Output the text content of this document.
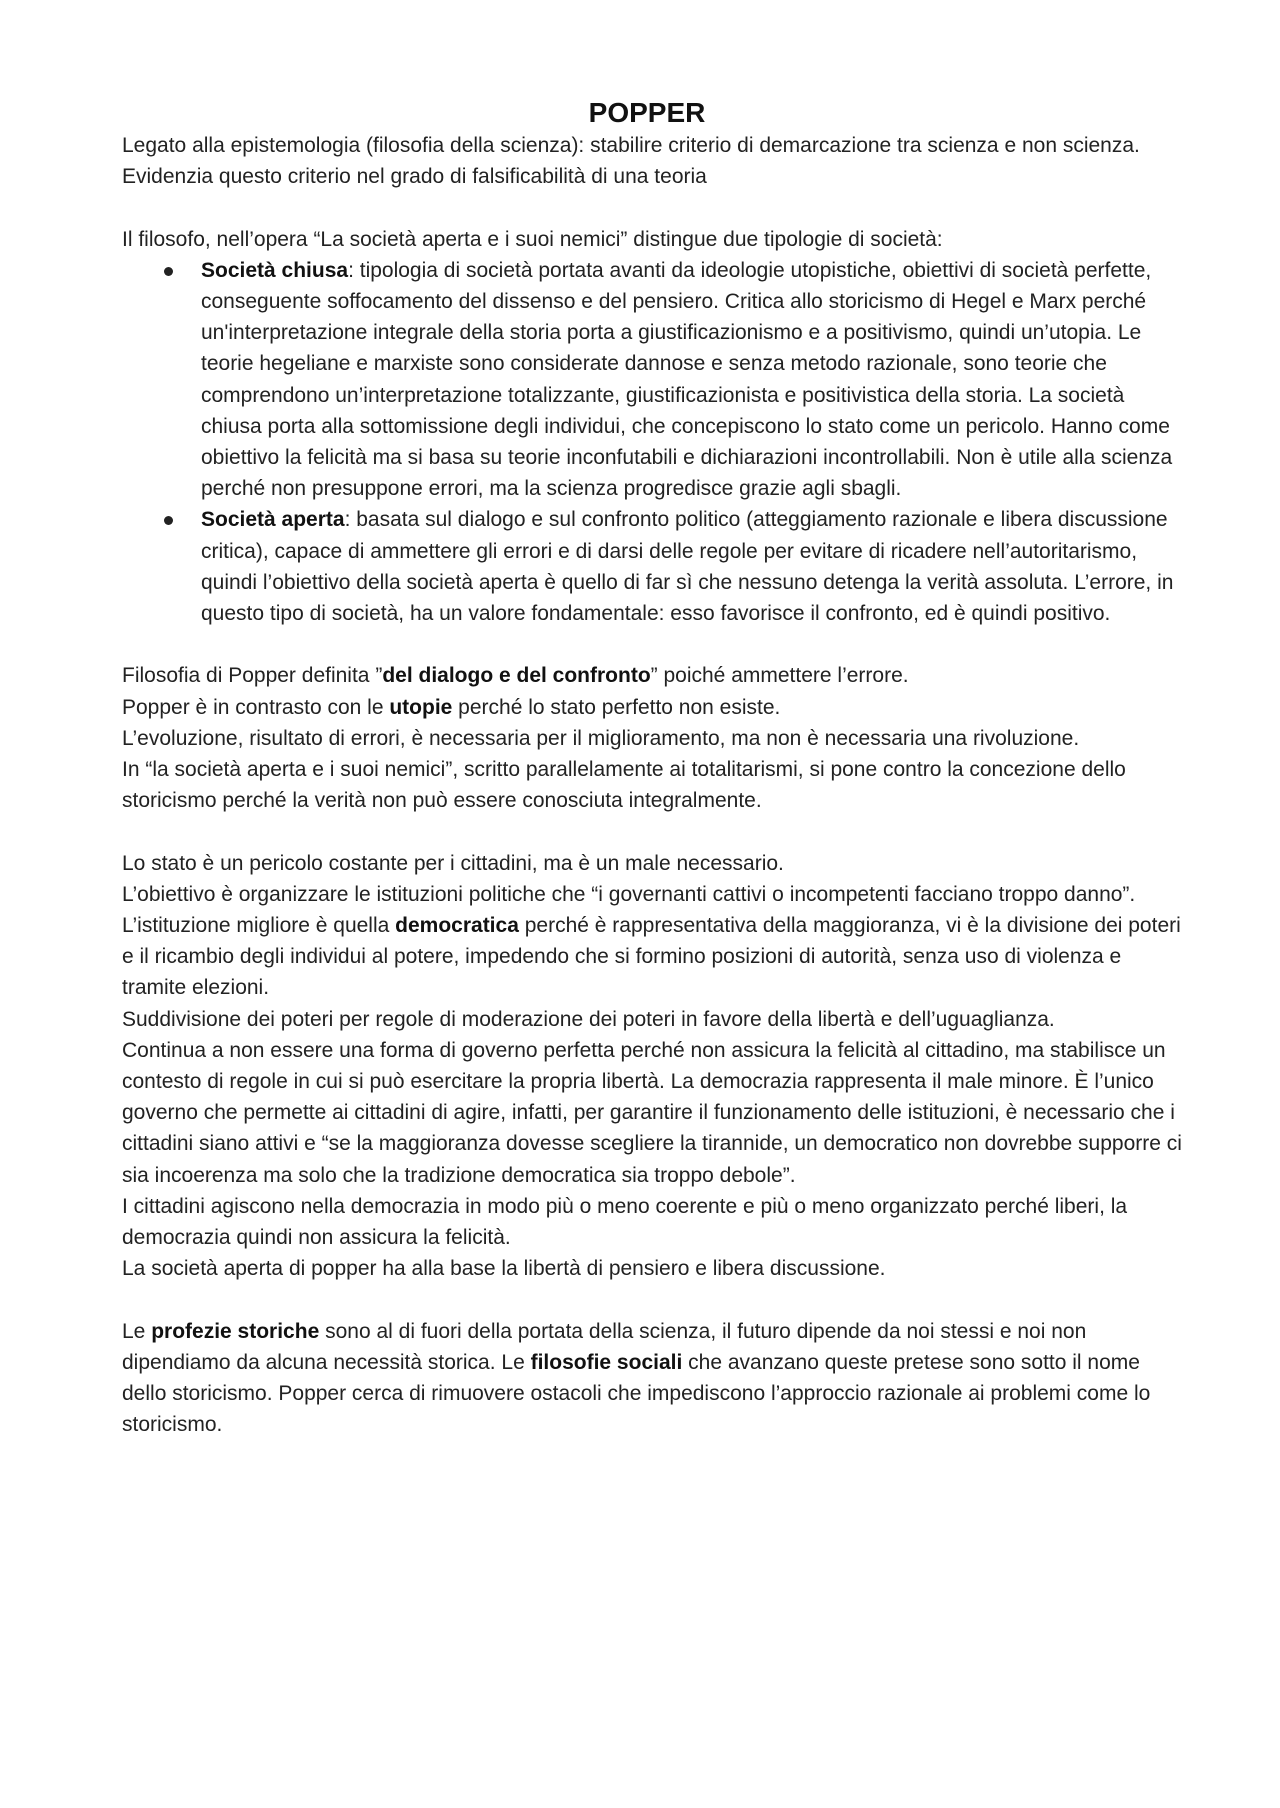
POPPER

Legato alla epistemologia (filosofia della scienza): stabilire criterio di demarcazione tra scienza e non scienza.

Evidenzia questo criterio nel grado di falsificabilità di una teoria

Il filosofo, nell’opera “La società aperta e i suoi nemici” distingue due tipologie di società:

Società chiusa: tipologia di società portata avanti da ideologie utopistiche, obiettivi di società perfette, conseguente soffocamento del dissenso e del pensiero. Critica allo storicismo di Hegel e Marx perché un'interpretazione integrale della storia porta a giustificazionismo e a positivismo, quindi un’utopia. Le teorie hegeliane e marxiste sono considerate dannose e senza metodo razionale, sono teorie che comprendono un’interpretazione totalizzante, giustificazionista e positivistica della storia. La società chiusa porta alla sottomissione degli individui, che concepiscono lo stato come un pericolo. Hanno come obiettivo la felicità ma si basa su teorie inconfutabili e dichiarazioni incontrollabili. Non è utile alla scienza perché non presuppone errori, ma la scienza progredisce grazie agli sbagli.
Società aperta: basata sul dialogo e sul confronto politico (atteggiamento razionale e libera discussione critica), capace di ammettere gli errori e di darsi delle regole per evitare di ricadere nell’autoritarismo, quindi l’obiettivo della società aperta è quello di far sì che nessuno detenga la verità assoluta. L’errore, in questo tipo di società, ha un valore fondamentale: esso favorisce il confronto, ed è quindi positivo.

Filosofia di Popper definita ”del dialogo e del confronto” poiché ammettere l’errore.

Popper è in contrasto con le utopie perché lo stato perfetto non esiste.

L’evoluzione, risultato di errori, è necessaria per il miglioramento, ma non è necessaria una rivoluzione.

In “la società aperta e i suoi nemici”, scritto parallelamente ai totalitarismi, si pone contro la concezione dello storicismo perché la verità non può essere conosciuta integralmente.

Lo stato è un pericolo costante per i cittadini, ma è un male necessario.

L’obiettivo è organizzare le istituzioni politiche che “i governanti cattivi o incompetenti facciano troppo danno”.

L’istituzione migliore è quella democratica perché è rappresentativa della maggioranza, vi è la divisione dei poteri e il ricambio degli individui al potere, impedendo che si formino posizioni di autorità, senza uso di violenza e tramite elezioni.

Suddivisione dei poteri per regole di moderazione dei poteri in favore della libertà e dell’uguaglianza.

Continua a non essere una forma di governo perfetta perché non assicura la felicità al cittadino, ma stabilisce un contesto di regole in cui si può esercitare la propria libertà. La democrazia rappresenta il male minore. È l’unico governo che permette ai cittadini di agire, infatti, per garantire il funzionamento delle istituzioni, è necessario che i cittadini siano attivi e “se la maggioranza dovesse scegliere la tirannide, un democratico non dovrebbe supporre ci sia incoerenza ma solo che la tradizione democratica sia troppo debole”.

I cittadini agiscono nella democrazia in modo più o meno coerente e più o meno organizzato perché liberi, la democrazia quindi non assicura la felicità.

La società aperta di popper ha alla base la libertà di pensiero e libera discussione.

Le profezie storiche sono al di fuori della portata della scienza, il futuro dipende da noi stessi e noi non dipendiamo da alcuna necessità storica. Le filosofie sociali che avanzano queste pretese sono sotto il nome dello storicismo. Popper cerca di rimuovere ostacoli che impediscono l’approccio razionale ai problemi come lo storicismo.
